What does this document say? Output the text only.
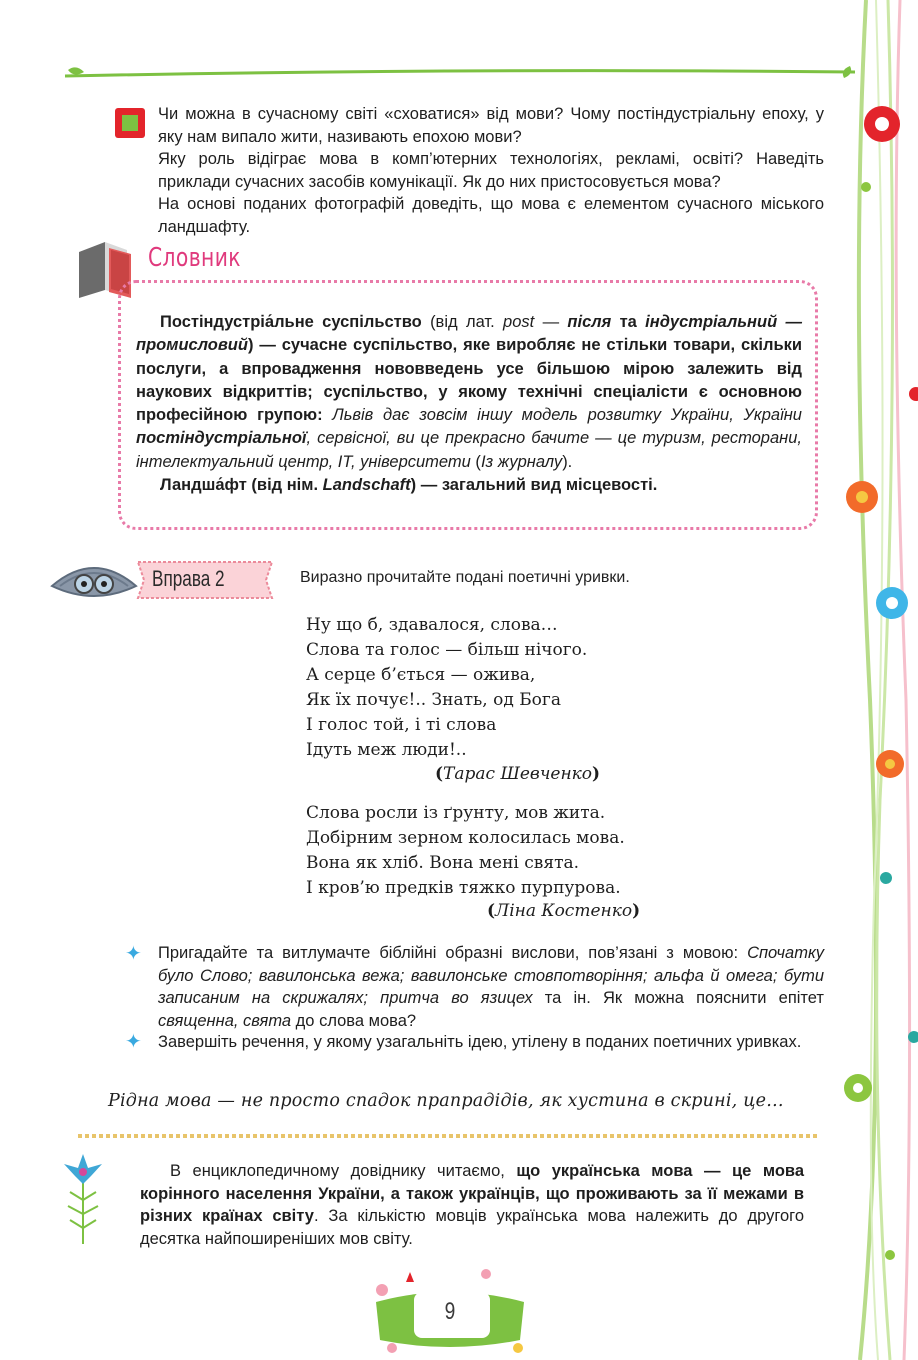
Чи можна в сучасному світі «сховатися» від мови? Чому постіндустріальну епоху, у яку нам випало жити, називають епохою мови?

Яку роль відіграє мова в комп’ютерних технологіях, рекламі, освіті? Наведіть приклади сучасних засобів комунікації. Як до них пристосовується мова?

На основі поданих фотографій доведіть, що мова є елементом сучасного міського ландшафту.

Словник

Постіндустріа́льне суспільство (від лат. post — після та індустріальний — промисловий) — сучасне суспільство, яке виробляє не стільки товари, скільки послуги, а впровадження нововведень усе більшою мірою залежить від наукових відкриттів; суспільство, у якому технічні спеціалісти є основною професійною групою: Львів дає зовсім іншу модель розвитку України, України постіндустріальної, сервісної, ви це прекрасно бачите — це туризм, ресторани, інтелектуальний центр, ІТ, університети (Із журналу).

Ландша́фт (від нім. Landschaft) — загальний вид місцевості.

Вправа 2	Виразно прочитайте подані поетичні уривки.
Ну що б, здавалося, слова…
Слова та голос — більш нічого.
А серце б’ється — ожива,
Як їх почує!.. Знать, од Бога
І голос той, і ті слова
Ідуть меж люди!..
(Тарас Шевченко)
Слова росли із ґрунту, мов жита.
Добірним зерном колосилась мова.
Вона як хліб. Вона мені свята.
І кров’ю предків тяжко пурпурова.
(Ліна Костенко)
✦ Пригадайте та витлумачте біблійні образні вислови, пов’язані з мовою: Спочатку було Слово; вавилонська вежа; вавилонське стовпотворіння; альфа й омега; бути записаним на скрижалях; притча во язицех та ін. Як можна пояснити епітет священна, свята до слова мова?
✦ Завершіть речення, у якому узагальніть ідею, утілену в поданих поетичних уривках.
Рідна мова — не просто спадок прапрадідів, як хустина в скрині, це…

В енциклопедичному довіднику читаємо, що українська мова — це мова корінного населення України, а також українців, що проживають за її межами в різних країнах світу. За кількістю мовців українська мова належить до другого десятка найпоширеніших мов світу.

9
